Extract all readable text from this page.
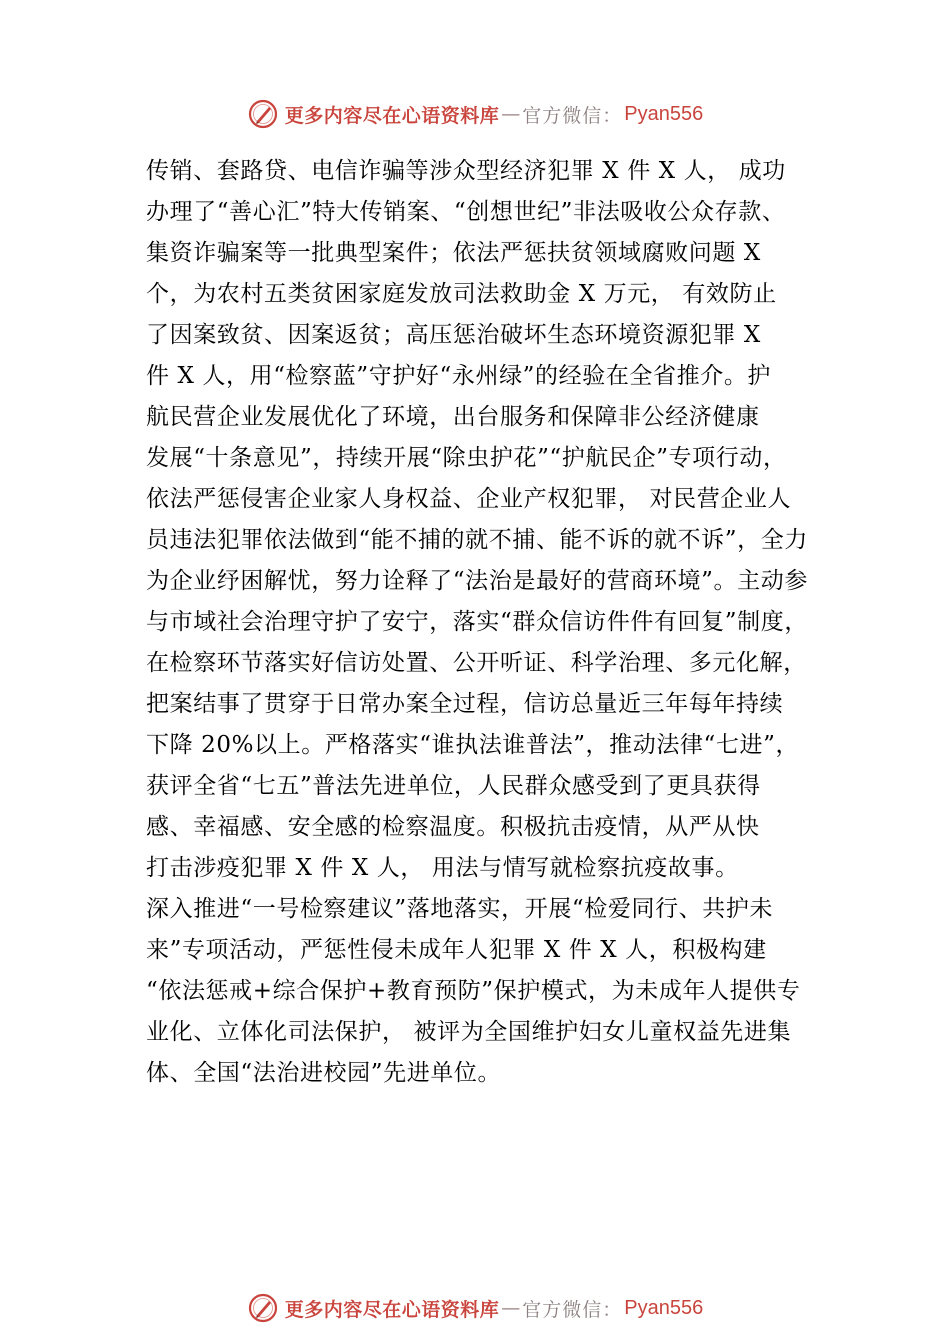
更多内容尽在心语资料库 — 官方微信： Pyan556
传销、套路贷、电信诈骗等涉众型经济犯罪 X 件 X 人， 成功
办理了“善心汇”特大传销案、“创想世纪”非法吸收公众存款、
集资诈骗案等一批典型案件；依法严惩扶贫领域腐败问题 X
个，为农村五类贫困家庭发放司法救助金 X 万元， 有效防止
了因案致贫、因案返贫；高压惩治破坏生态环境资源犯罪 X
件 X 人，用“检察蓝”守护好“永州绿”的经验在全省推介。护
航民营企业发展优化了环境，出台服务和保障非公经济健康
发展“十条意见”，持续开展“除虫护花”“护航民企”专项行动，
依法严惩侵害企业家人身权益、企业产权犯罪， 对民营企业人
员违法犯罪依法做到“能不捕的就不捕、能不诉的就不诉”，全力
为企业纾困解忧，努力诠释了“法治是最好的营商环境”。主动参
与市域社会治理守护了安宁，落实“群众信访件件有回复”制度，
在检察环节落实好信访处置、公开听证、科学治理、多元化解，
把案结事了贯穿于日常办案全过程，信访总量近三年每年持续
下降 20%以上。严格落实“谁执法谁普法”，推动法律“七进”，
获评全省“七五”普法先进单位，人民群众感受到了更具获得
感、幸福感、安全感的检察温度。积极抗击疫情，从严从快
打击涉疫犯罪 X 件 X 人， 用法与情写就检察抗疫故事。
深入推进“一号检察建议”落地落实，开展“检爱同行、共护未
来”专项活动，严惩性侵未成年人犯罪 X 件 X 人，积极构建
“依法惩戒+综合保护+教育预防”保护模式，为未成年人提供专
业化、立体化司法保护， 被评为全国维护妇女儿童权益先进集
体、全国“法治进校园”先进单位。
更多内容尽在心语资料库 — 官方微信： Pyan556
